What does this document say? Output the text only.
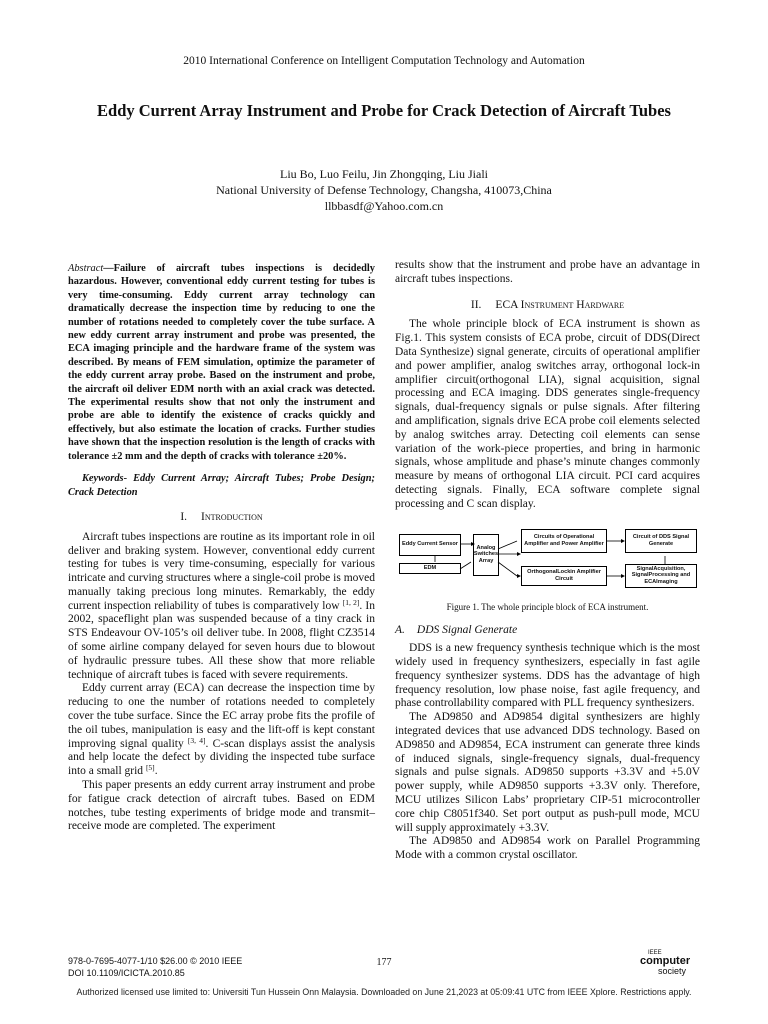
2010 International Conference on Intelligent Computation Technology and Automation
Eddy Current Array Instrument and Probe for Crack Detection of Aircraft Tubes
Liu Bo, Luo Feilu, Jin Zhongqing, Liu Jiali
National University of Defense Technology, Changsha, 410073,China
llbbasdf@Yahoo.com.cn

Abstract—Failure of aircraft tubes inspections is decidedly hazardous. However, conventional eddy current testing for tubes is very time-consuming. Eddy current array technology can dramatically decrease the inspection time by reducing to one the number of rotations needed to completely cover the tube surface. A new eddy current array instrument and probe was presented, the ECA imaging principle and the hardware frame of the system was described. By means of FEM simulation, optimize the parameter of the eddy current array probe. Based on the instrument and probe, the aircraft oil deliver EDM north with an axial crack was detected. The experimental results show that not only the instrument and probe are able to identify the existence of cracks quickly and effectively, but also estimate the location of cracks. Further studies have shown that the inspection resolution is the length of cracks with tolerance ±2 mm and the depth of cracks with tolerance ±20%.

Keywords- Eddy Current Array; Aircraft Tubes; Probe Design; Crack Detection

I. Introduction

Aircraft tubes inspections are routine as its important role in oil deliver and braking system. However, conventional eddy current testing for tubes is very time-consuming, especially for various intricate and curving structures where a single-coil probe is moved manually taking precious long minutes. Remarkably, the eddy current inspection reliability of tubes is comparatively low [1, 2]. In 2002, spaceflight plan was suspended because of a tiny crack in STS Endeavour OV-105’s oil deliver tube. In 2008, flight CZ3514 of some airline company delayed for seven hours due to blowout of hydraulic pressure tubes. All these show that more reliable technique of aircraft tubes is faced with severe requirements.

Eddy current array (ECA) can decrease the inspection time by reducing to one the number of rotations needed to completely cover the tube surface. Since the EC array probe fits the profile of the oil tubes, manipulation is easy and the lift-off is kept constant improving signal quality [3, 4]. C-scan displays assist the analysis and help locate the defect by dividing the inspected tube surface into a small grid [5].

This paper presents an eddy current array instrument and probe for fatigue crack detection of aircraft tubes. Based on EDM notches, tube testing experiments of bridge mode and transmit–receive mode are completed. The experiment

results show that the instrument and probe have an advantage in aircraft tubes inspections.

II. ECA Instrument Hardware

The whole principle block of ECA instrument is shown as Fig.1. This system consists of ECA probe, circuit of DDS(Direct Data Synthesize) signal generate, circuits of operational amplifier and power amplifier, analog switches array, orthogonal lock-in amplifier circuit(orthogonal LIA), signal acquisition, signal processing and ECA imaging. DDS generates single-frequency signals, dual-frequency signals or pulse signals. After filtering and amplification, signals drive ECA probe coil elements selected by analog switches array. Detecting coil elements can sense variation of the work-piece properties, and bring in harmonic signals, whose amplitude and phase’s minute changes commonly measure by means of orthogonal LIA circuit. PCI card acquires detecting signals. Finally, ECA software complete signal processing and C scan display.

Eddy Current Sensor
EDM
Analog Switches Array
Circuits of Operational Amplifier and Power Amplifier
OrthogonalLockin Amplifier Circuit
Circuit of DDS Signal Generate
SignalAcquisition, SignalProcessing and ECAImaging
Figure 1. The whole principle block of ECA instrument.
A. DDS Signal Generate

DDS is a new frequency synthesis technique which is the most widely used in frequency synthesizers, especially in fast agile frequency synthesizer systems. DDS has the advantage of high frequency resolution, low phase noise, fast agile frequency, and phase controllability compared with PLL frequency synthesizers.

The AD9850 and AD9854 digital synthesizers are highly integrated devices that use advanced DDS technology. Based on AD9850 and AD9854, ECA instrument can generate three kinds of induced signals, single-frequency signals, dual-frequency signals and pulse signals. AD9850 supports +3.3V and +5.0V power supply, while AD9850 supports +3.3V only. Therefore, MCU utilizes Silicon Labs’ proprietary CIP-51 microcontroller core chip C8051f340. Set port output as push-pull mode, MCU will supply approximately +3.3V.

The AD9850 and AD9854 work on Parallel Programming Mode with a common crystal oscillator.

978-0-7695-4077-1/10 $26.00 © 2010 IEEE
DOI 10.1109/ICICTA.2010.85
177
IEEE
computer
society
Authorized licensed use limited to: Universiti Tun Hussein Onn Malaysia. Downloaded on June 21,2023 at 05:09:41 UTC from IEEE Xplore. Restrictions apply.
